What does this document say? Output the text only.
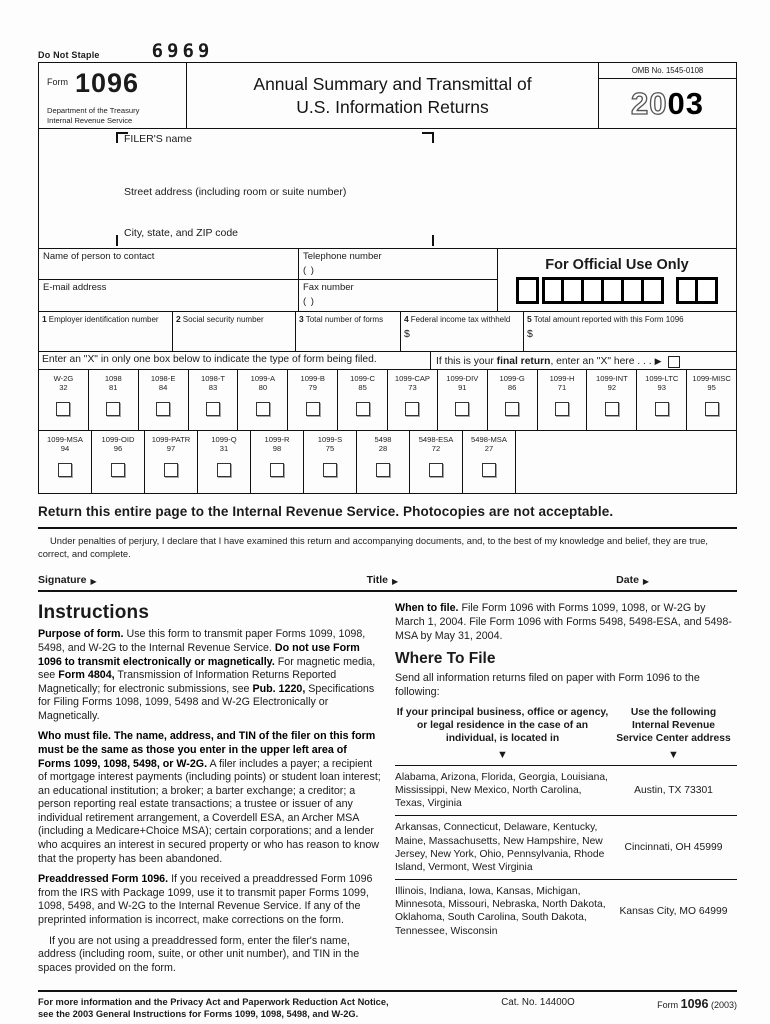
Do Not Staple	6969
Form 1096
Department of the Treasury
Internal Revenue Service
Annual Summary and Transmittal of
U.S. Information Returns
OMB No. 1545-0108
20 03
FILER'S name
Street address (including room or suite number)
City, state, and ZIP code
Name of person to contact	Telephone number
( )
E-mail address	Fax number
( )
For Official Use Only
1 Employer identification number	2 Social security number	3 Total number of forms	4 Federal income tax withheld
$
5 Total amount reported with this Form 1096
$
Enter an "X" in only one box below to indicate the type of form being filed.	If this is your final return, enter an "X" here . . . ▶
W-2G
32
1098
81
1098-E
84
1098-T
83
1099-A
80
1099-B
79
1099-C
85
1099-CAP
73
1099-DIV
91
1099-G
86
1099-H
71
1099-INT
92
1099-LTC
93
1099-MISC
95
1099-MSA
94
1099-OID
96
1099-PATR
97
1099-Q
31
1099-R
98
1099-S
75
5498
28
5498-ESA
72
5498-MSA
27
Return this entire page to the Internal Revenue Service. Photocopies are not acceptable.
Under penalties of perjury, I declare that I have examined this return and accompanying documents, and, to the best of my knowledge and belief, they are true, correct, and complete.
Signature ▶	Title ▶	Date ▶
Instructions

Purpose of form. Use this form to transmit paper Forms 1099, 1098, 5498, and W-2G to the Internal Revenue Service. Do not use Form 1096 to transmit electronically or magnetically. For magnetic media, see Form 4804, Transmission of Information Returns Reported Magnetically; for electronic submissions, see Pub. 1220, Specifications for Filing Forms 1098, 1099, 5498 and W-2G Electronically or Magnetically.

Who must file. The name, address, and TIN of the filer on this form must be the same as those you enter in the upper left area of Forms 1099, 1098, 5498, or W-2G. A filer includes a payer; a recipient of mortgage interest payments (including points) or student loan interest; an educational institution; a broker; a barter exchange; a creditor; a person reporting real estate transactions; a trustee or issuer of any individual retirement arrangement, a Coverdell ESA, an Archer MSA (including a Medicare+Choice MSA); certain corporations; and a lender who acquires an interest in secured property or who has reason to know that the property has been abandoned.

Preaddressed Form 1096. If you received a preaddressed Form 1096 from the IRS with Package 1099, use it to transmit paper Forms 1099, 1098, 5498, and W-2G to the Internal Revenue Service. If any of the preprinted information is incorrect, make corrections on the form.

If you are not using a preaddressed form, enter the filer's name, address (including room, suite, or other unit number), and TIN in the spaces provided on the form.

When to file. File Form 1096 with Forms 1099, 1098, or W-2G by March 1, 2004. File Form 1096 with Forms 5498, 5498-ESA, and 5498-MSA by May 31, 2004.

Where To File

Send all information returns filed on paper with Form 1096 to the following:

If your principal business, office or agency, or legal residence in the case of an individual, is located in
Use the following Internal Revenue Service Center address
▼	▼
Alabama, Arizona, Florida, Georgia, Louisiana, Mississippi, New Mexico, North Carolina, Texas, Virginia
Austin, TX 73301
Arkansas, Connecticut, Delaware, Kentucky, Maine, Massachusetts, New Hampshire, New Jersey, New York, Ohio, Pennsylvania, Rhode Island, Vermont, West Virginia
Cincinnati, OH 45999
Illinois, Indiana, Iowa, Kansas, Michigan, Minnesota, Missouri, Nebraska, North Dakota, Oklahoma, South Carolina, South Dakota, Tennessee, Wisconsin
Kansas City, MO 64999
For more information and the Privacy Act and Paperwork Reduction Act Notice,
see the 2003 General Instructions for Forms 1099, 1098, 5498, and W-2G.
Cat. No. 14400O	Form 1096 (2003)
